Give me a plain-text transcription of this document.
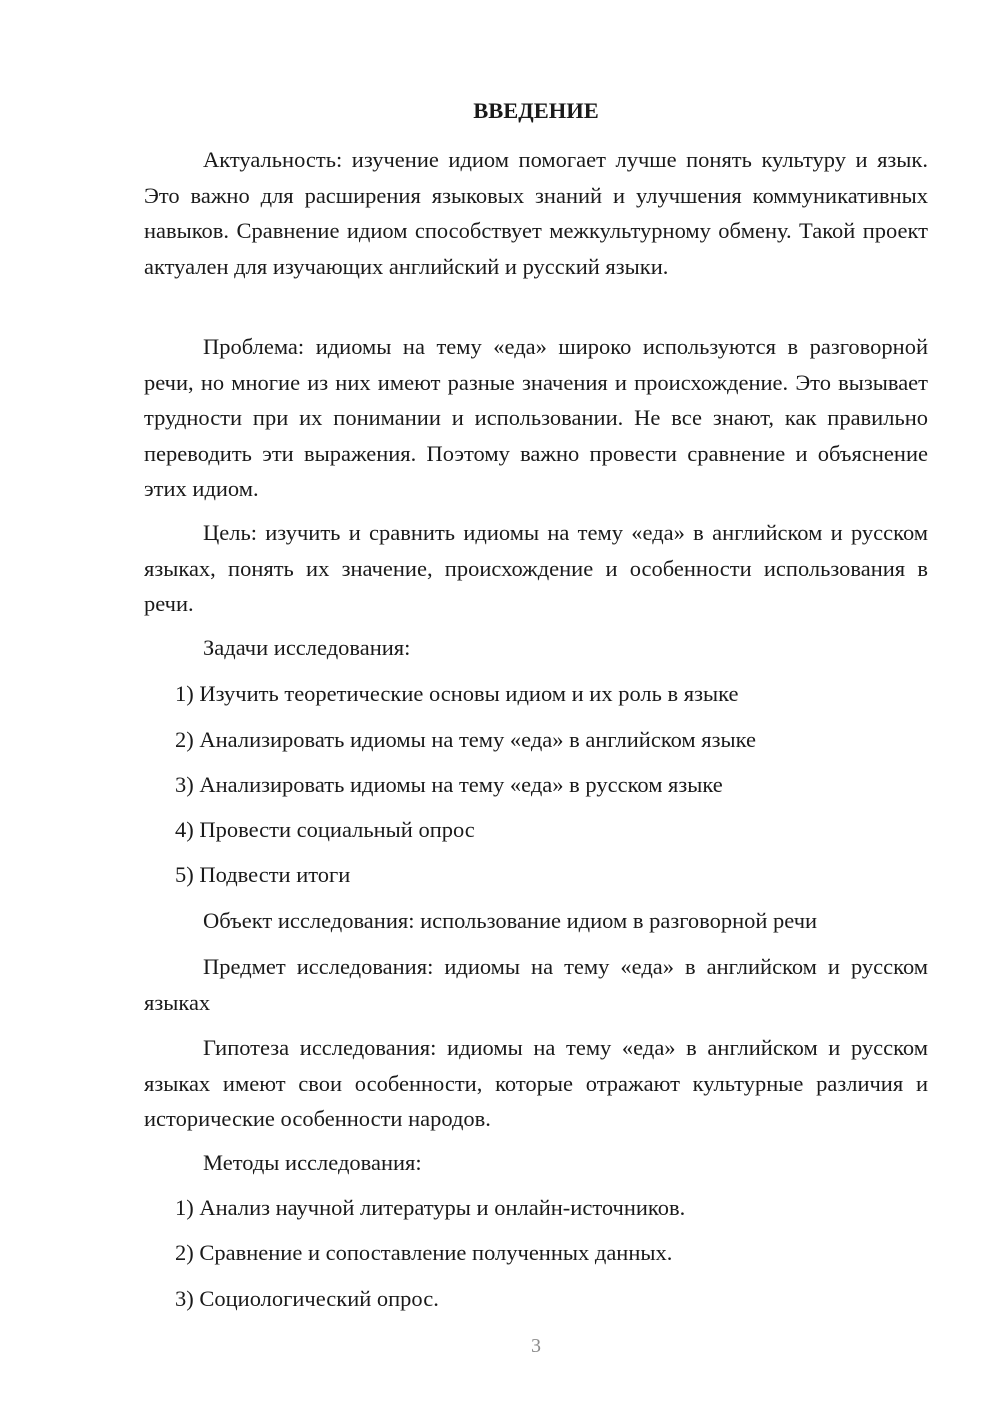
ВВЕДЕНИЕ

Актуальность: изучение идиом помогает лучше понять культуру и язык. Это важно для расширения языковых знаний и улучшения коммуникативных навыков. Сравнение идиом способствует межкультурному обмену. Такой проект актуален для изучающих английский и русский языки.

Проблема: идиомы на тему «еда» широко используются в разговорной речи, но многие из них имеют разные значения и происхождение. Это вызывает трудности при их понимании и использовании. Не все знают, как правильно переводить эти выражения. Поэтому важно провести сравнение и объяснение этих идиом.

Цель: изучить и сравнить идиомы на тему «еда» в английском и русском языках, понять их значение, происхождение и особенности использования в речи.

Задачи исследования:
1) Изучить теоретические основы идиом и их роль в языке
2) Анализировать идиомы на тему «еда» в английском языке
3) Анализировать идиомы на тему «еда» в русском языке
4) Провести социальный опрос
5) Подвести итоги
Объект исследования: использование идиом в разговорной речи

Предмет исследования: идиомы на тему «еда» в английском и русском языках

Гипотеза исследования: идиомы на тему «еда» в английском и русском языках имеют свои особенности, которые отражают культурные различия и исторические особенности народов.

Методы исследования:
1) Анализ научной литературы и онлайн-источников.
2) Сравнение и сопоставление полученных данных.
3) Социологический опрос.
3
